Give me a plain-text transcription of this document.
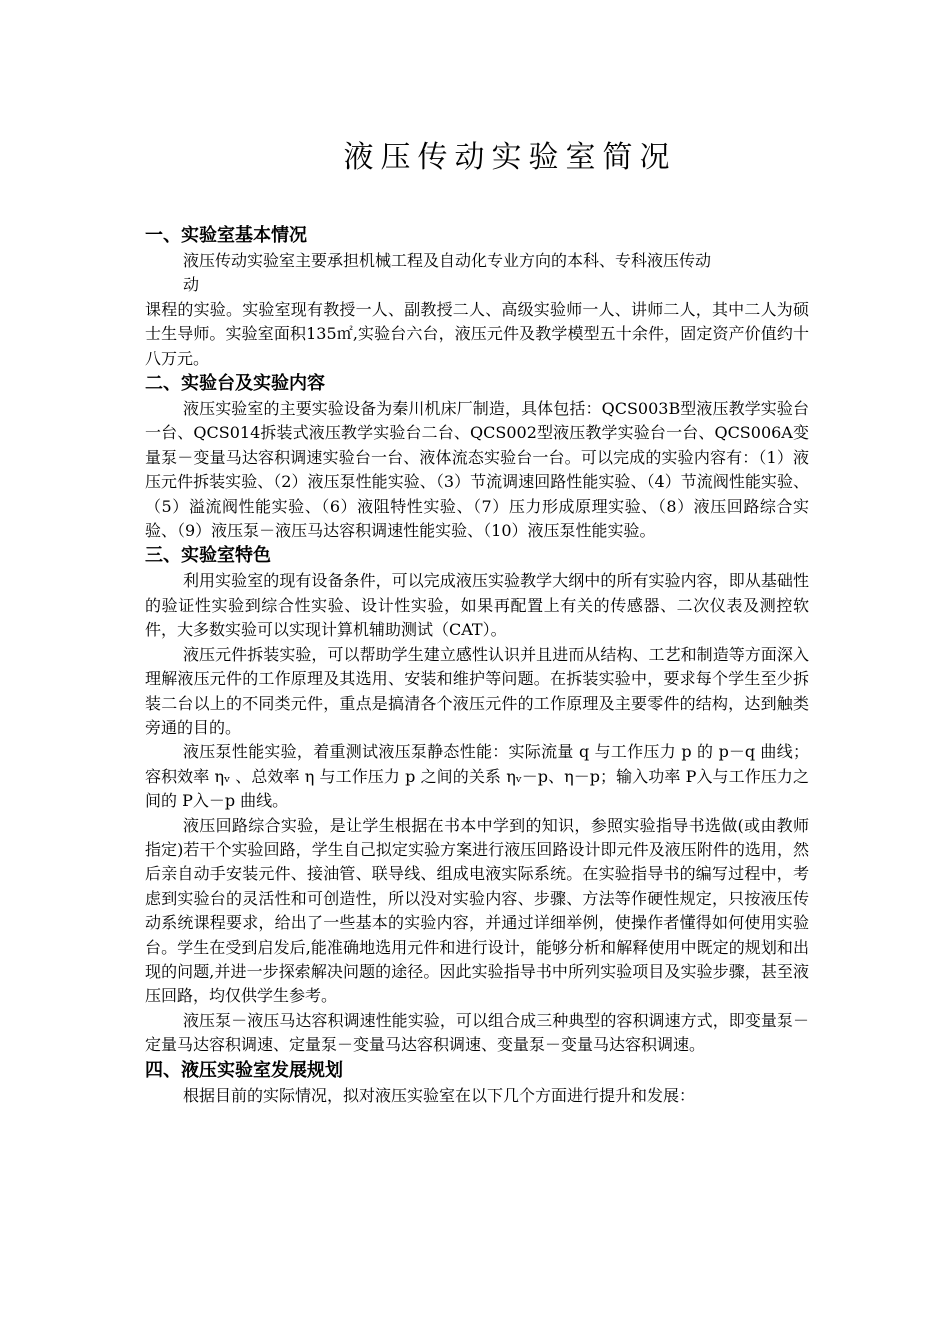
液压传动实验室简况
一、实验室基本情况

液压传动实验室主要承担机械工程及自动化专业方向的本科、专科液压传动

动

课程的实验。实验室现有教授一人、副教授二人、高级实验师一人、讲师二人，其中二人为硕士生导师。实验室面积135㎡,实验台六台，液压元件及教学模型五十余件，固定资产价值约十八万元。

二、实验台及实验内容

液压实验室的主要实验设备为秦川机床厂制造，具体包括：QCS003B型液压教学实验台一台、QCS014拆装式液压教学实验台二台、QCS002型液压教学实验台一台、QCS006A变量泵－变量马达容积调速实验台一台、液体流态实验台一台。可以完成的实验内容有：（1）液压元件拆装实验、（2）液压泵性能实验、（3）节流调速回路性能实验、（4）节流阀性能实验、（5）溢流阀性能实验、（6）液阻特性实验、（7）压力形成原理实验、（8）液压回路综合实验、（9）液压泵－液压马达容积调速性能实验、（10）液压泵性能实验。

三、实验室特色

利用实验室的现有设备条件，可以完成液压实验教学大纲中的所有实验内容，即从基础性的验证性实验到综合性实验、设计性实验，如果再配置上有关的传感器、二次仪表及测控软件，大多数实验可以实现计算机辅助测试（CAT）。

液压元件拆装实验，可以帮助学生建立感性认识并且进而从结构、工艺和制造等方面深入理解液压元件的工作原理及其选用、安装和维护等问题。在拆装实验中，要求每个学生至少拆装二台以上的不同类元件，重点是搞清各个液压元件的工作原理及主要零件的结构，达到触类旁通的目的。

液压泵性能实验，着重测试液压泵静态性能：实际流量 q 与工作压力 p 的 p－q 曲线；容积效率 ηᵥ 、总效率 η 与工作压力 p 之间的关系 ηᵥ－p、η－p；输入功率 P入与工作压力之间的 P入－p 曲线。

液压回路综合实验，是让学生根据在书本中学到的知识，参照实验指导书选做(或由教师指定)若干个实验回路，学生自己拟定实验方案进行液压回路设计即元件及液压附件的选用，然后亲自动手安装元件、接油管、联导线、组成电液实际系统。在实验指导书的编写过程中，考虑到实验台的灵活性和可创造性，所以没对实验内容、步骤、方法等作硬性规定，只按液压传动系统课程要求，给出了一些基本的实验内容，并通过详细举例，使操作者懂得如何使用实验台。学生在受到启发后,能准确地选用元件和进行设计，能够分析和解释使用中既定的规划和出现的问题,并进一步探索解决问题的途径。因此实验指导书中所列实验项目及实验步骤，甚至液压回路，均仅供学生参考。

液压泵－液压马达容积调速性能实验，可以组合成三种典型的容积调速方式，即变量泵－定量马达容积调速、定量泵－变量马达容积调速、变量泵－变量马达容积调速。

四、液压实验室发展规划

根据目前的实际情况，拟对液压实验室在以下几个方面进行提升和发展：
